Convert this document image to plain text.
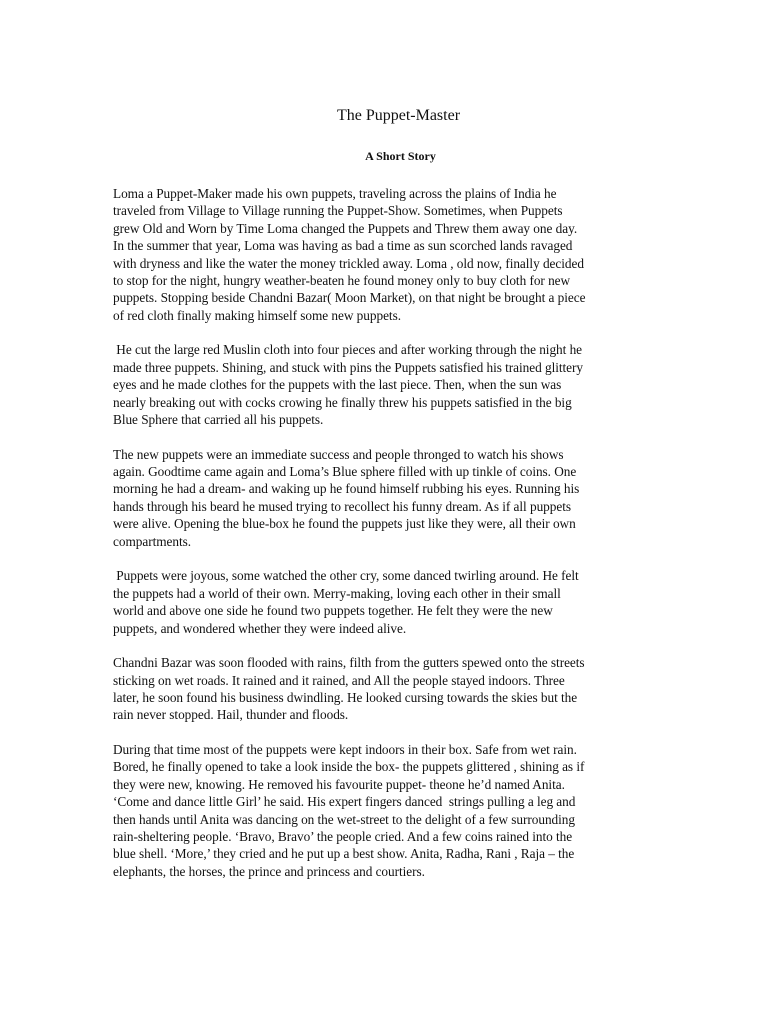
The Puppet-Master
A Short Story

Loma a Puppet-Maker made his own puppets, traveling across the plains of India he
traveled from Village to Village running the Puppet-Show. Sometimes, when Puppets
grew Old and Worn by Time Loma changed the Puppets and Threw them away one day.
In the summer that year, Loma was having as bad a time as sun scorched lands ravaged
with dryness and like the water the money trickled away. Loma , old now, finally decided
to stop for the night, hungry weather-beaten he found money only to buy cloth for new
puppets. Stopping beside Chandni Bazar( Moon Market), on that night be brought a piece
of red cloth finally making himself some new puppets.

He cut the large red Muslin cloth into four pieces and after working through the night he
made three puppets. Shining, and stuck with pins the Puppets satisfied his trained glittery
eyes and he made clothes for the puppets with the last piece. Then, when the sun was
nearly breaking out with cocks crowing he finally threw his puppets satisfied in the big
Blue Sphere that carried all his puppets.

The new puppets were an immediate success and people thronged to watch his shows
again. Goodtime came again and Loma’s Blue sphere filled with up tinkle of coins. One
morning he had a dream- and waking up he found himself rubbing his eyes. Running his
hands through his beard he mused trying to recollect his funny dream. As if all puppets
were alive. Opening the blue-box he found the puppets just like they were, all their own
compartments.

Puppets were joyous, some watched the other cry, some danced twirling around. He felt
the puppets had a world of their own. Merry-making, loving each other in their small
world and above one side he found two puppets together. He felt they were the new
puppets, and wondered whether they were indeed alive.

Chandni Bazar was soon flooded with rains, filth from the gutters spewed onto the streets
sticking on wet roads. It rained and it rained, and All the people stayed indoors. Three
later, he soon found his business dwindling. He looked cursing towards the skies but the
rain never stopped. Hail, thunder and floods.

During that time most of the puppets were kept indoors in their box. Safe from wet rain.
Bored, he finally opened to take a look inside the box- the puppets glittered , shining as if
they were new, knowing. He removed his favourite puppet- theone he’d named Anita.
‘Come and dance little Girl’ he said. His expert fingers danced  strings pulling a leg and
then hands until Anita was dancing on the wet-street to the delight of a few surrounding
rain-sheltering people. ‘Bravo, Bravo’ the people cried. And a few coins rained into the
blue shell. ‘More,’ they cried and he put up a best show. Anita, Radha, Rani , Raja – the
elephants, the horses, the prince and princess and courtiers.
